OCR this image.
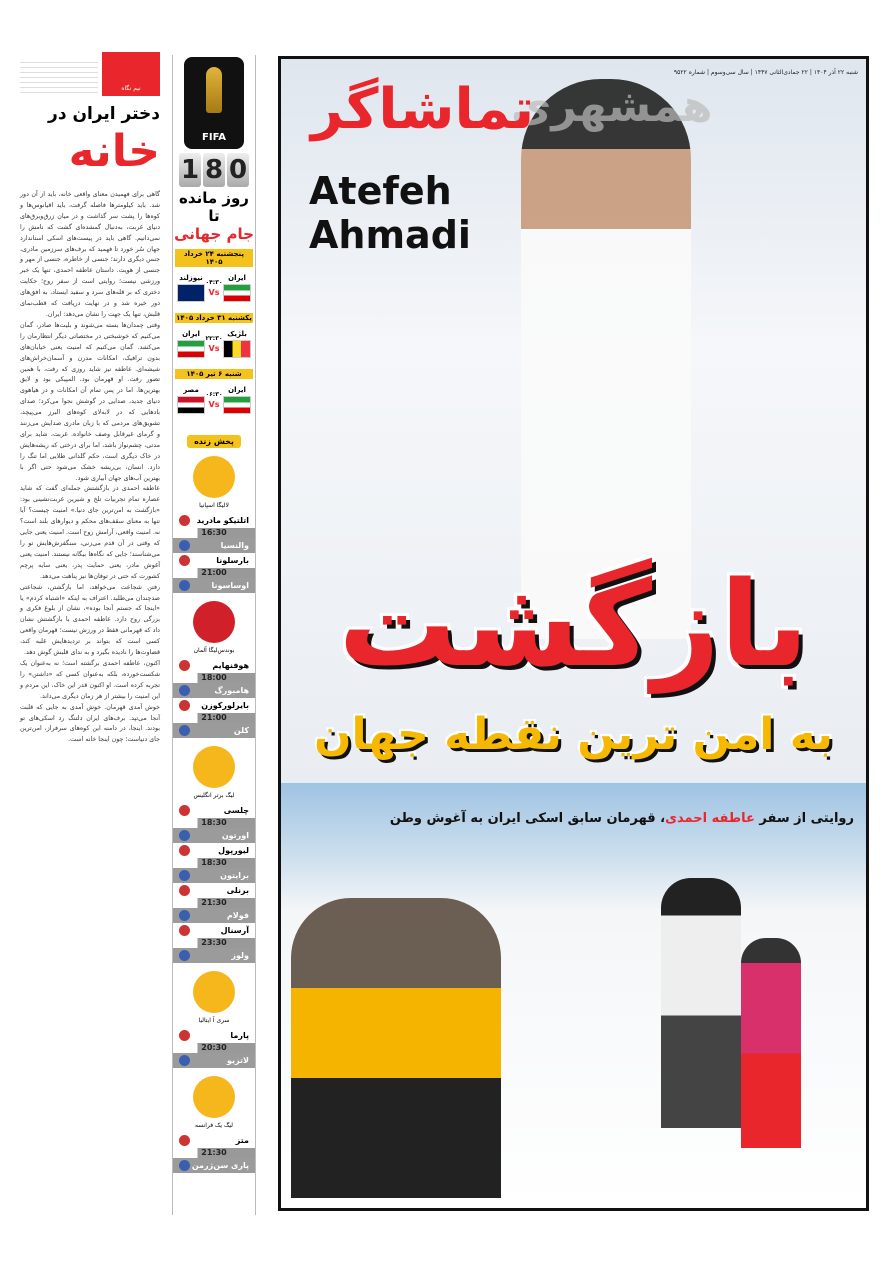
نیم نگاه
دختر ایران در
خانه

گاهی برای فهمیدن معنای واقعی خانه، باید از آن دور شد. باید کیلومترها فاصله گرفت، باید اقیانوس‌ها و کوه‌ها را پشت سر گذاشت و در میان زرق‌وبرق‌های دنیای غربت، به‌دنبال گمشده‌ای گشت که نامش را نمی‌دانیم. گاهی باید در پیست‌های اسکی استاندارد جهان سُر خورد تا فهمید که برف‌های سرزمین مادری، جنس دیگری دارند؛ جنسی از خاطره، جنسی از مهر و جنسی از هویت. داستان عاطفه احمدی، تنها یک خبر ورزشی نیست؛ روایتی است از سفر روح؛ حکایت دختری که بر قله‌های سرد و سفید ایستاد، به افق‌های دور خیره شد و در نهایت دریافت که قطب‌نمای قلبش، تنها یک جهت را نشان می‌دهد: ایران.

وقتی چمدان‌ها بسته می‌شوند و بلیت‌ها صادر، گمان می‌کنیم که خوشبختی در مختصاتی دیگر انتظارمان را می‌کشد. گمان می‌کنیم که امنیت یعنی خیابان‌های بدون ترافیک، امکانات مدرن و آسمان‌خراش‌های شیشه‌ای. عاطفه نیز شاید روزی که رفت، با همین تصور رفت. او قهرمان بود، المپیکی بود و لایق بهترین‌ها. اما در پس تمام آن امکانات و در هیاهوی دنیای جدید، صدایی در گوشش نجوا می‌کرد؛ صدای بادهایی که در لابه‌لای کوه‌های البرز می‌پیچد، تشویق‌های مردمی که با زبان مادری صدایش می‌زنند و گرمای غیرقابل وصف خانواده. غربت، شاید برای مدتی، چشم‌نواز باشد، اما برای درختی که ریشه‌هایش در خاک دیگری است، حکم گلدانی طلایی اما تنگ را دارد. انسان، بی‌ریشه خشک می‌شود حتی اگر با بهترین آب‌های جهان آبیاری شود.

عاطفه احمدی در بازگشتش جمله‌ای گفت که شاید عصاره تمام تجربیات تلخ و شیرین غربت‌نشینی بود: «بازگشت به امن‌ترین جای دنیا.» امنیت چیست؟ آیا تنها به معنای سقف‌های محکم و دیوارهای بلند است؟ نه. امنیت واقعی، آرامش روح است. امنیت یعنی جایی که وقتی در آن قدم می‌زنی، سنگفرش‌هایش تو را می‌شناسند؛ جایی که نگاه‌ها بیگانه نیستند. امنیت یعنی آغوش مادر، یعنی حمایت پدر، یعنی سایه پرچم کشورت که حتی در توفان‌ها نیز پناهت می‌دهد.

رفتن شجاعت می‌خواهد، اما بازگشتن، شجاعتی صدچندان می‌طلبد. اعتراف به اینکه «اشتباه کردم» یا «اینجا که جستم آنجا بوده»، نشان از بلوغ فکری و بزرگی روح دارد. عاطفه احمدی با بازگشتش نشان داد که قهرمانی فقط در ورزش نیست؛ قهرمان واقعی کسی است که بتواند بر تردیدهایش غلبه کند، قضاوت‌ها را نادیده بگیرد و به ندای قلبش گوش دهد.

اکنون، عاطفه احمدی برگشته است؛ نه به‌عنوان یک شکست‌خورده، بلکه به‌عنوان کسی که «داشتن» را تجربه کرده است. او اکنون قدر این خاک، این مردم و این امنیت را بیشتر از هر زمان دیگری می‌داند.

خوش آمدی قهرمان. خوش آمدی به جایی که قلبت آنجا می‌تپد. برف‌های ایران دلتنگ رد اسکی‌های تو بودند. اینجا، در دامنه این کوه‌های سرفراز، امن‌ترین جای دنیاست؛ چون اینجا خانه است.

FIFA
1 8 0
روز مانده تا
جام جهانی
پنجشنبه ۲۴ خرداد ۱۴۰۵
ایران
۰۴:۳۰
Vs
نیوزلند
یکشنبه ۳۱ خرداد ۱۴۰۵
بلژیک
۲۲:۳۰
Vs
ایران
شنبه ۶ تیر ۱۴۰۵
ایران
۰۶:۳۰
Vs
مصر
پخش زنده
لالیگا اسپانیا
اتلتیکو مادرید
16:30
والنسیا
بارسلونا
21:00
اوساسونا
بوندس‌لیگا آلمان
هوفنهایم
18:00
هامبورگ
بایرلورکوزن
21:00
کلن
لیگ برتر انگلیس
چلسی
18:30
اورتون
لیورپول
18:30
برایتون
برنلی
21:30
فولام
آرسنال
23:30
ولوز
سری آ ایتالیا
پارما
20:30
لاتزیو
لیگ یک فرانسه
متز
21:30
پاری سن‌ژرمن
همشهری
تماشاگر
شنبه ۲۲ آذر ۱۴۰۴ | ۲۲ جمادی‌الثانی ۱۴۴۷ | سال سی‌وسوم | شماره ۹۵۲۲
Atefeh
Ahmadi
بازگشت
به امن ترین نقطه جهان
روایتی از سفر عاطفه احمدی، قهرمان سابق اسکی ایران به آغوش وطن
